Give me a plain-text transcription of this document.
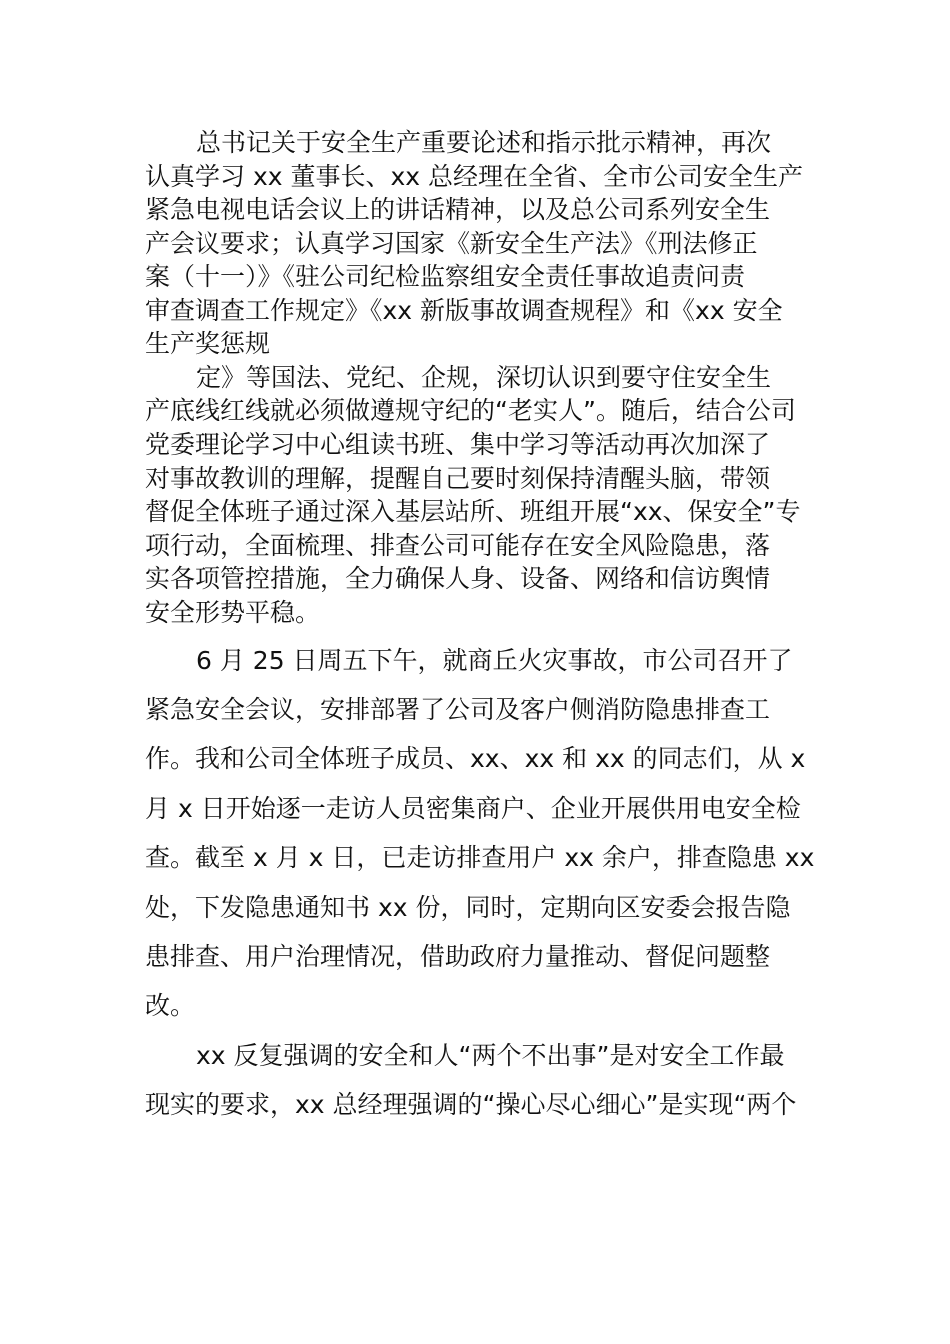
总书记关于安全生产重要论述和指示批示精神，再次
认真学习 xx 董事长、xx 总经理在全省、全市公司安全生产
紧急电视电话会议上的讲话精神，以及总公司系列安全生
产会议要求；认真学习国家《新安全生产法》《刑法修正
案（十一）》《驻公司纪检监察组安全责任事故追责问责
审查调查工作规定》《xx 新版事故调查规程》和《xx 安全
生产奖惩规
定》等国法、党纪、企规，深切认识到要守住安全生
产底线红线就必须做遵规守纪的“老实人”。随后，结合公司
党委理论学习中心组读书班、集中学习等活动再次加深了
对事故教训的理解，提醒自己要时刻保持清醒头脑，带领
督促全体班子通过深入基层站所、班组开展“xx、保安全”专
项行动，全面梳理、排查公司可能存在安全风险隐患，落
实各项管控措施，全力确保人身、设备、网络和信访舆情
安全形势平稳。
6 月 25 日周五下午，就商丘火灾事故，市公司召开了
紧急安全会议，安排部署了公司及客户侧消防隐患排查工
作。我和公司全体班子成员、xx、xx 和 xx 的同志们，从 x
月 x 日开始逐一走访人员密集商户、企业开展供用电安全检
查。截至 x 月 x 日，已走访排查用户 xx 余户，排查隐患 xx
处，下发隐患通知书 xx 份，同时，定期向区安委会报告隐
患排查、用户治理情况，借助政府力量推动、督促问题整
改。
xx 反复强调的安全和人“两个不出事”是对安全工作最
现实的要求，xx 总经理强调的“操心尽心细心”是实现“两个
